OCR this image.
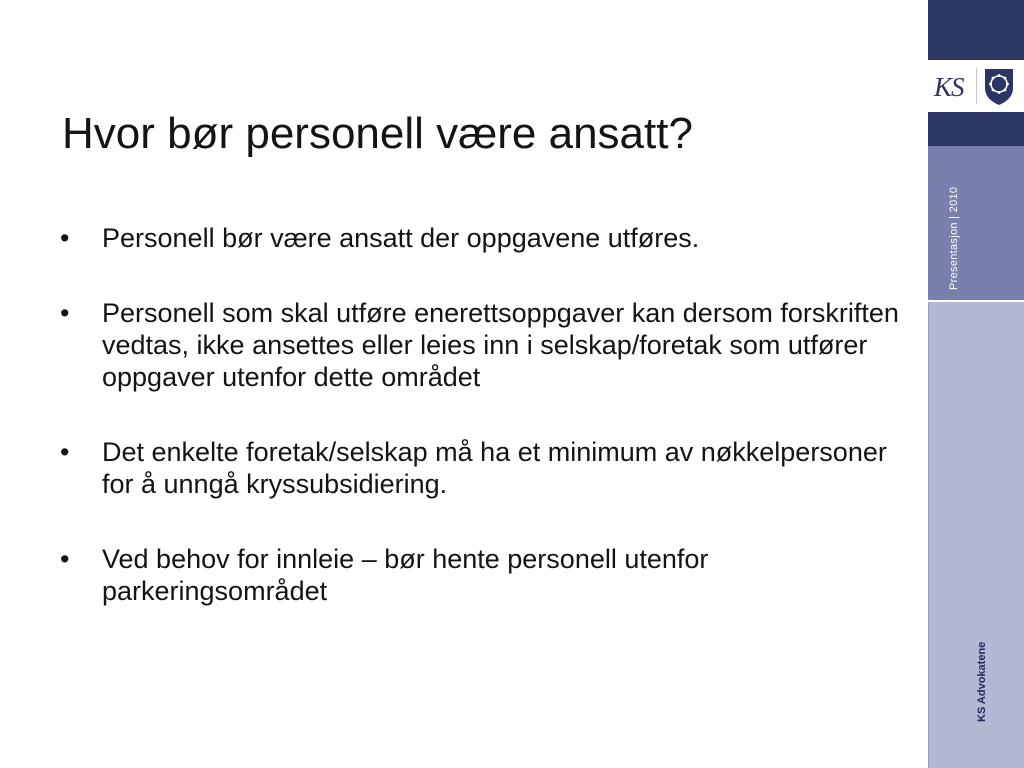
Hvor bør personell være ansatt?
•	Personell bør være ansatt der oppgavene utføres.
•	Personell som skal utføre enerettsoppgaver kan dersom forskriften vedtas, ikke ansettes eller leies inn i selskap/foretak som utfører oppgaver utenfor dette området
•	Det enkelte foretak/selskap må ha et minimum av nøkkelpersoner for å unngå kryssubsidiering.
•	Ved behov for innleie – bør hente personell utenfor parkeringsområdet
KS
Presentasjon | 2010
KS Advokatene
